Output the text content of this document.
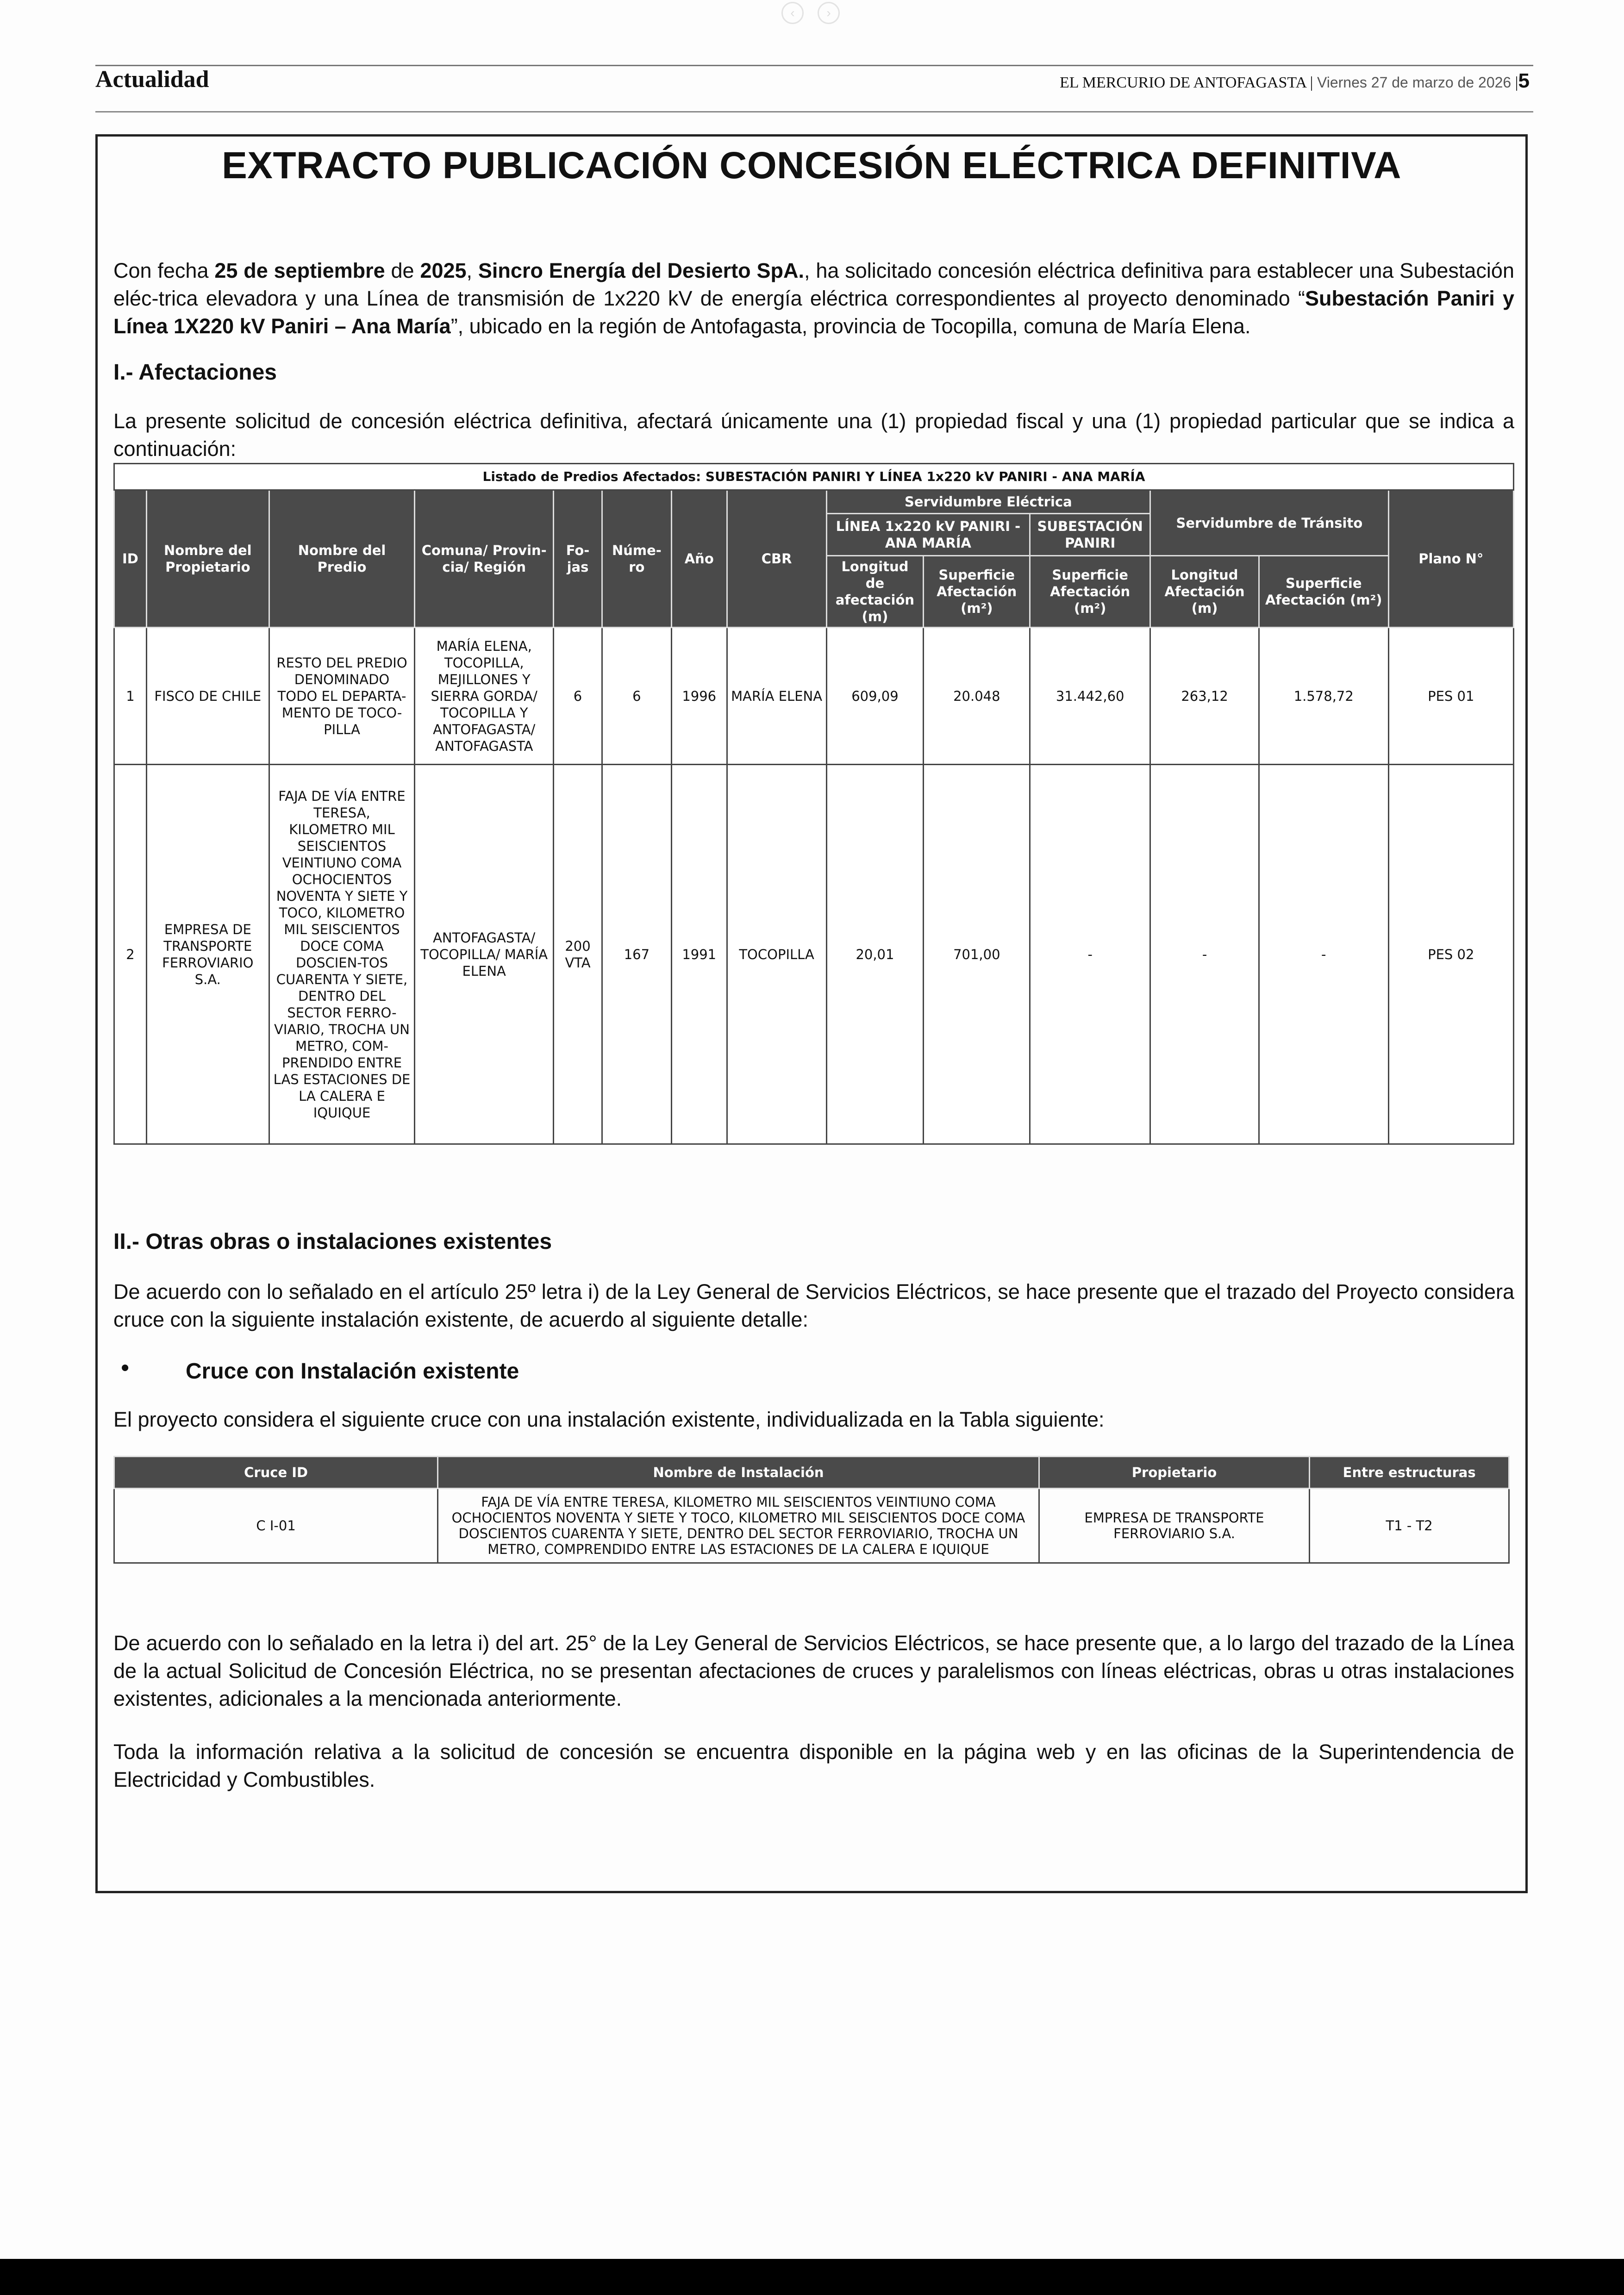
‹	›
Actualidad	EL MERCURIO DE ANTOFAGASTA | Viernes 27 de marzo de 2026 |5
EXTRACTO PUBLICACIÓN CONCESIÓN ELÉCTRICA DEFINITIVA
Con fecha 25 de septiembre de 2025, Sincro Energía del Desierto SpA., ha solicitado concesión eléctrica definitiva para establecer una Subestación eléc-trica elevadora y una Línea de transmisión de 1x220 kV de energía eléctrica correspondientes al proyecto denominado “Subestación Paniri y Línea 1X220 kV Paniri – Ana María”, ubicado en la región de Antofagasta, provincia de Tocopilla, comuna de María Elena.
I.- Afectaciones
La presente solicitud de concesión eléctrica definitiva, afectará únicamente una (1) propiedad fiscal y una (1) propiedad particular que se indica a continuación:
Listado de Predios Afectados: SUBESTACIÓN PANIRI Y LÍNEA 1x220 kV PANIRI - ANA MARÍA													
ID	Nombre del Propietario	Nombre del Predio	Comuna/ Provin-cia/ Región	Fo-jas	Núme-ro	Año	CBR	Servidumbre Eléctrica			Servidumbre de Tránsito		Plano N°
								LÍNEA 1x220 kV PANIRI - ANA MARÍA		SUBESTACIÓN PANIRI			
								Longitud de afectación (m)	Superficie Afectación (m²)	Superficie Afectación (m²)	Longitud Afectación (m)	Superficie Afectación (m²)	
1	FISCO DE CHILE	RESTO DEL PREDIO DENOMINADO TODO EL DEPARTA-MENTO DE TOCO-PILLA	MARÍA ELENA, TOCOPILLA, MEJILLONES Y SIERRA GORDA/ TOCOPILLA Y ANTOFAGASTA/ ANTOFAGASTA	6	6	1996	MARÍA ELENA	609,09	20.048	31.442,60	263,12	1.578,72	PES 01
2	EMPRESA DE TRANSPORTE FERROVIARIO S.A.	FAJA DE VÍA ENTRE TERESA, KILOMETRO MIL SEISCIENTOS VEINTIUNO COMA OCHOCIENTOS NOVENTA Y SIETE Y TOCO, KILOMETRO MIL SEISCIENTOS DOCE COMA DOSCIEN-TOS CUARENTA Y SIETE, DENTRO DEL SECTOR FERRO-VIARIO, TROCHA UN METRO, COM-PRENDIDO ENTRE LAS ESTACIONES DE LA CALERA E IQUIQUE	ANTOFAGASTA/ TOCOPILLA/ MARÍA ELENA	200 VTA	167	1991	TOCOPILLA	20,01	701,00	-	-	-	PES 02
II.- Otras obras o instalaciones existentes
De acuerdo con lo señalado en el artículo 25º letra i) de la Ley General de Servicios Eléctricos, se hace presente que el trazado del Proyecto considera cruce con la siguiente instalación existente, de acuerdo al siguiente detalle:
•	Cruce con Instalación existente
El proyecto considera el siguiente cruce con una instalación existente, individualizada en la Tabla siguiente:
Cruce ID	Nombre de Instalación	Propietario	Entre estructuras
C I-01	FAJA DE VÍA ENTRE TERESA, KILOMETRO MIL SEISCIENTOS VEINTIUNO COMA OCHOCIENTOS NOVENTA Y SIETE Y TOCO, KILOMETRO MIL SEISCIENTOS DOCE COMA DOSCIENTOS CUARENTA Y SIETE, DENTRO DEL SECTOR FERROVIARIO, TROCHA UN METRO, COMPRENDIDO ENTRE LAS ESTACIONES DE LA CALERA E IQUIQUE	EMPRESA DE TRANSPORTE FERROVIARIO S.A.	T1 - T2
De acuerdo con lo señalado en la letra i) del art. 25° de la Ley General de Servicios Eléctricos, se hace presente que, a lo largo del trazado de la Línea de la actual Solicitud de Concesión Eléctrica, no se presentan afectaciones de cruces y paralelismos con líneas eléctricas, obras u otras instalaciones existentes, adicionales a la mencionada anteriormente.
Toda la información relativa a la solicitud de concesión se encuentra disponible en la página web y en las oficinas de la Superintendencia de Electricidad y Combustibles.
